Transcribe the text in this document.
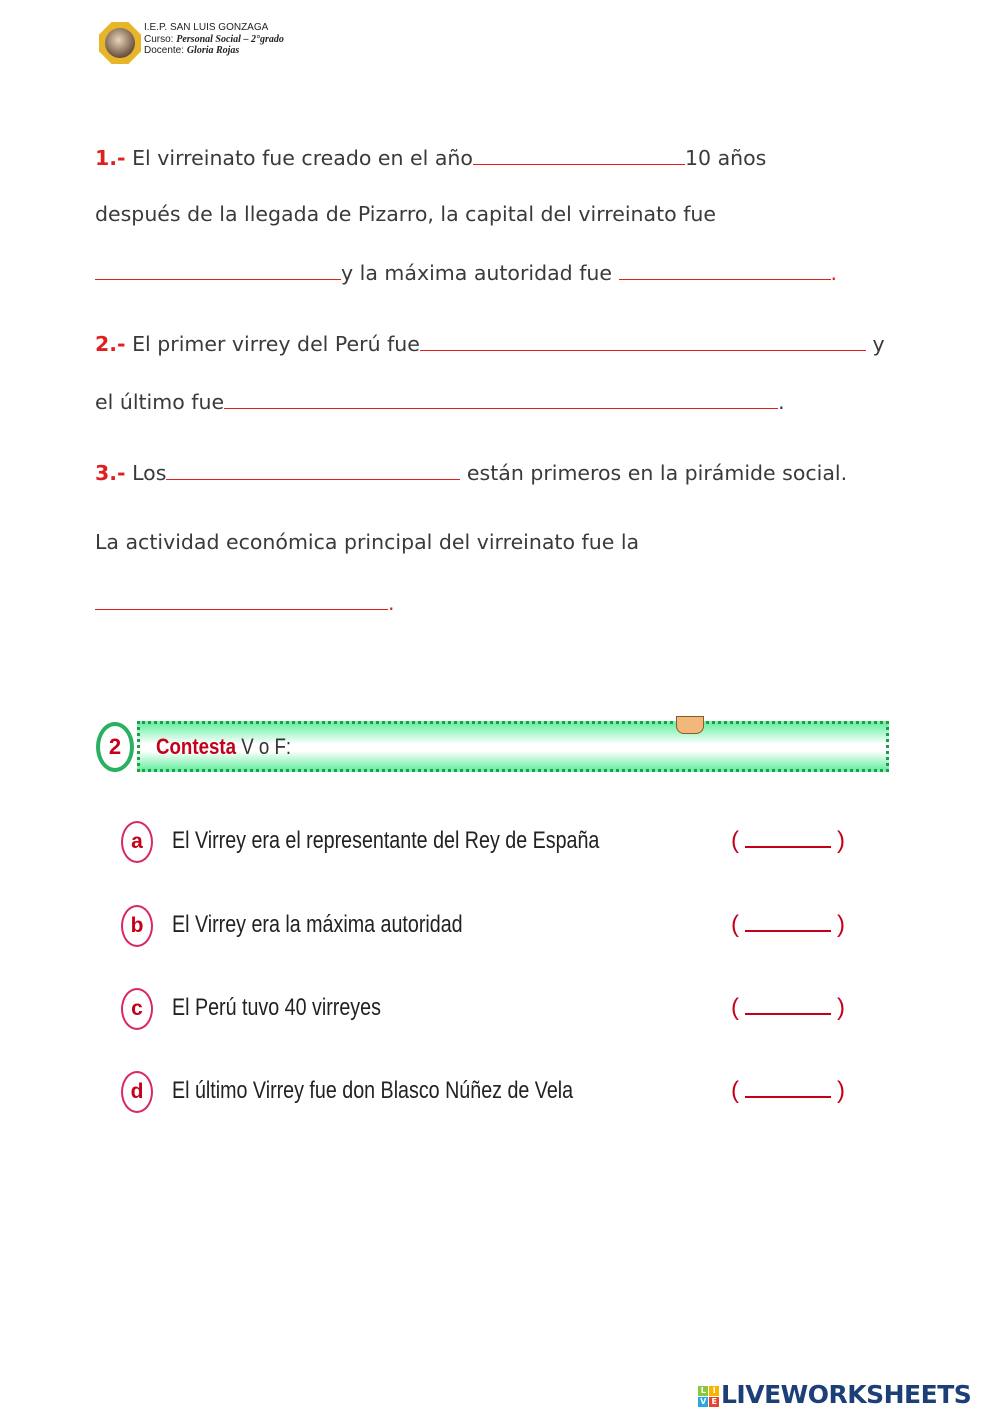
I.E.P. SAN LUIS GONZAGA
Curso: Personal Social – 2°grado
Docente: Gloria Rojas
1.- El virreinato fue creado en el año	10 años
después de la llegada de Pizarro, la capital del virreinato fue
y la máxima autoridad fue	.
2.- El primer virrey del Perú fue	y
el último fue	.
3.- Los	están primeros en la pirámide social.
La actividad económica principal del virreinato fue la
.
2	Contesta V o F:
a	El Virrey era el representante del Rey de España	(	)
b	El Virrey era la máxima autoridad	(	)
c	El Perú tuvo 40 virreyes	(	)
d	El último Virrey fue don Blasco Núñez de Vela	(	)
L I
V E LIVEWORKSHEETS
